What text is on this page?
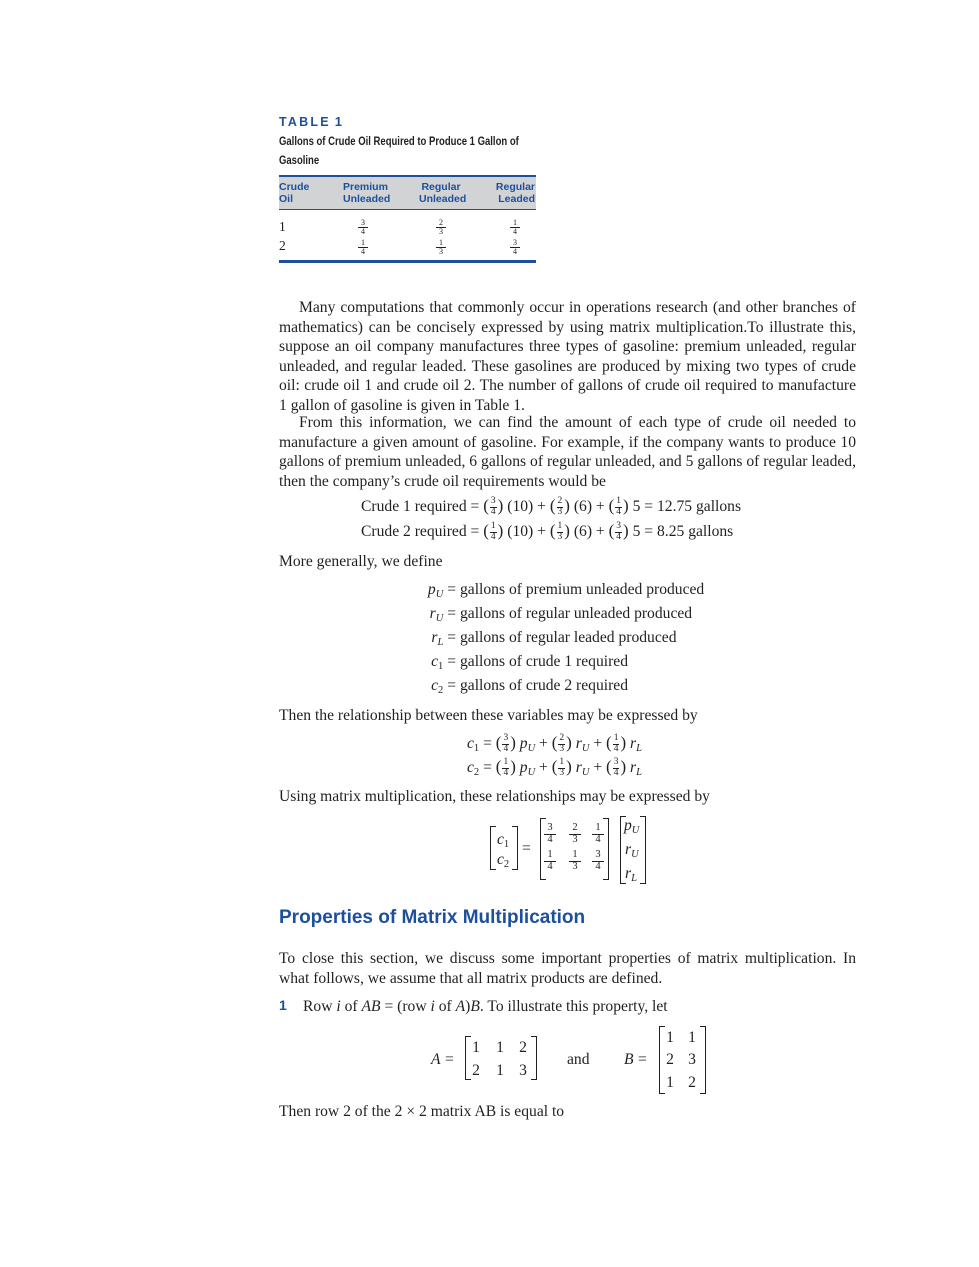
TABLE 1
Gallons of Crude Oil Required to Produce 1 Gallon of Gasoline
Crude
Oil
Premium
Unleaded
Regular
Unleaded
Regular
Leaded
1	3
4
2
3
1
4
2	1
4
1
3
3
4
Many computations that commonly occur in operations research (and other branches of mathematics) can be concisely expressed by using matrix multiplication.To illustrate this, suppose an oil company manufactures three types of gasoline: premium unleaded, regular unleaded, and regular leaded. These gasolines are produced by mixing two types of crude oil: crude oil 1 and crude oil 2. The number of gallons of crude oil required to manufacture 1 gallon of gasoline is given in Table 1.
From this information, we can find the amount of each type of crude oil needed to manufacture a given amount of gasoline. For example, if the company wants to produce 10 gallons of premium unleaded, 6 gallons of regular unleaded, and 5 gallons of regular leaded, then the company’s crude oil requirements would be
Crude 1 required = ( $\frac{3}{4}$ ) (10) + ( $\frac{2}{3}$ ) (6) + ( $\frac{1}{4}$ ) 5 = 12.75 gallons
Crude 2 required = ( $\frac{1}{4}$ ) (10) + ( $\frac{1}{3}$ ) (6) + ( $\frac{3}{4}$ ) 5 = 8.25 gallons
More generally, we define
$p_U$ = gallons of premium unleaded produced
$r_U$ = gallons of regular unleaded produced
$r_L$ = gallons of regular leaded produced
c1 = gallons of crude 1 required
c2 = gallons of crude 2 required
Then the relationship between these variables may be expressed by
c1 = ( $\frac{3}{4}$ ) $p_U$ + ( $\frac{2}{3}$ ) $r_U$ + ( $\frac{1}{4}$ ) $r_L$
c2 = ( $\frac{1}{4}$ ) $p_U$ + ( $\frac{1}{3}$ ) $r_U$ + ( $\frac{3}{4}$ ) $r_L$
Using matrix multiplication, these relationships may be expressed by
c1
c2
=
3
4
2
3
1
4
1
4
1
3
3
4
$p_U$
$r_U$
$r_L$
Properties of Matrix Multiplication
To close this section, we discuss some important properties of matrix multiplication. In what follows, we assume that all matrix products are defined.
1 Row i of AB = (row i of A)B. To illustrate this property, let
A =
1 1 2
2 1 3
and B =
1 1
2 3
1 2
Then row 2 of the 2 × 2 matrix AB is equal to
